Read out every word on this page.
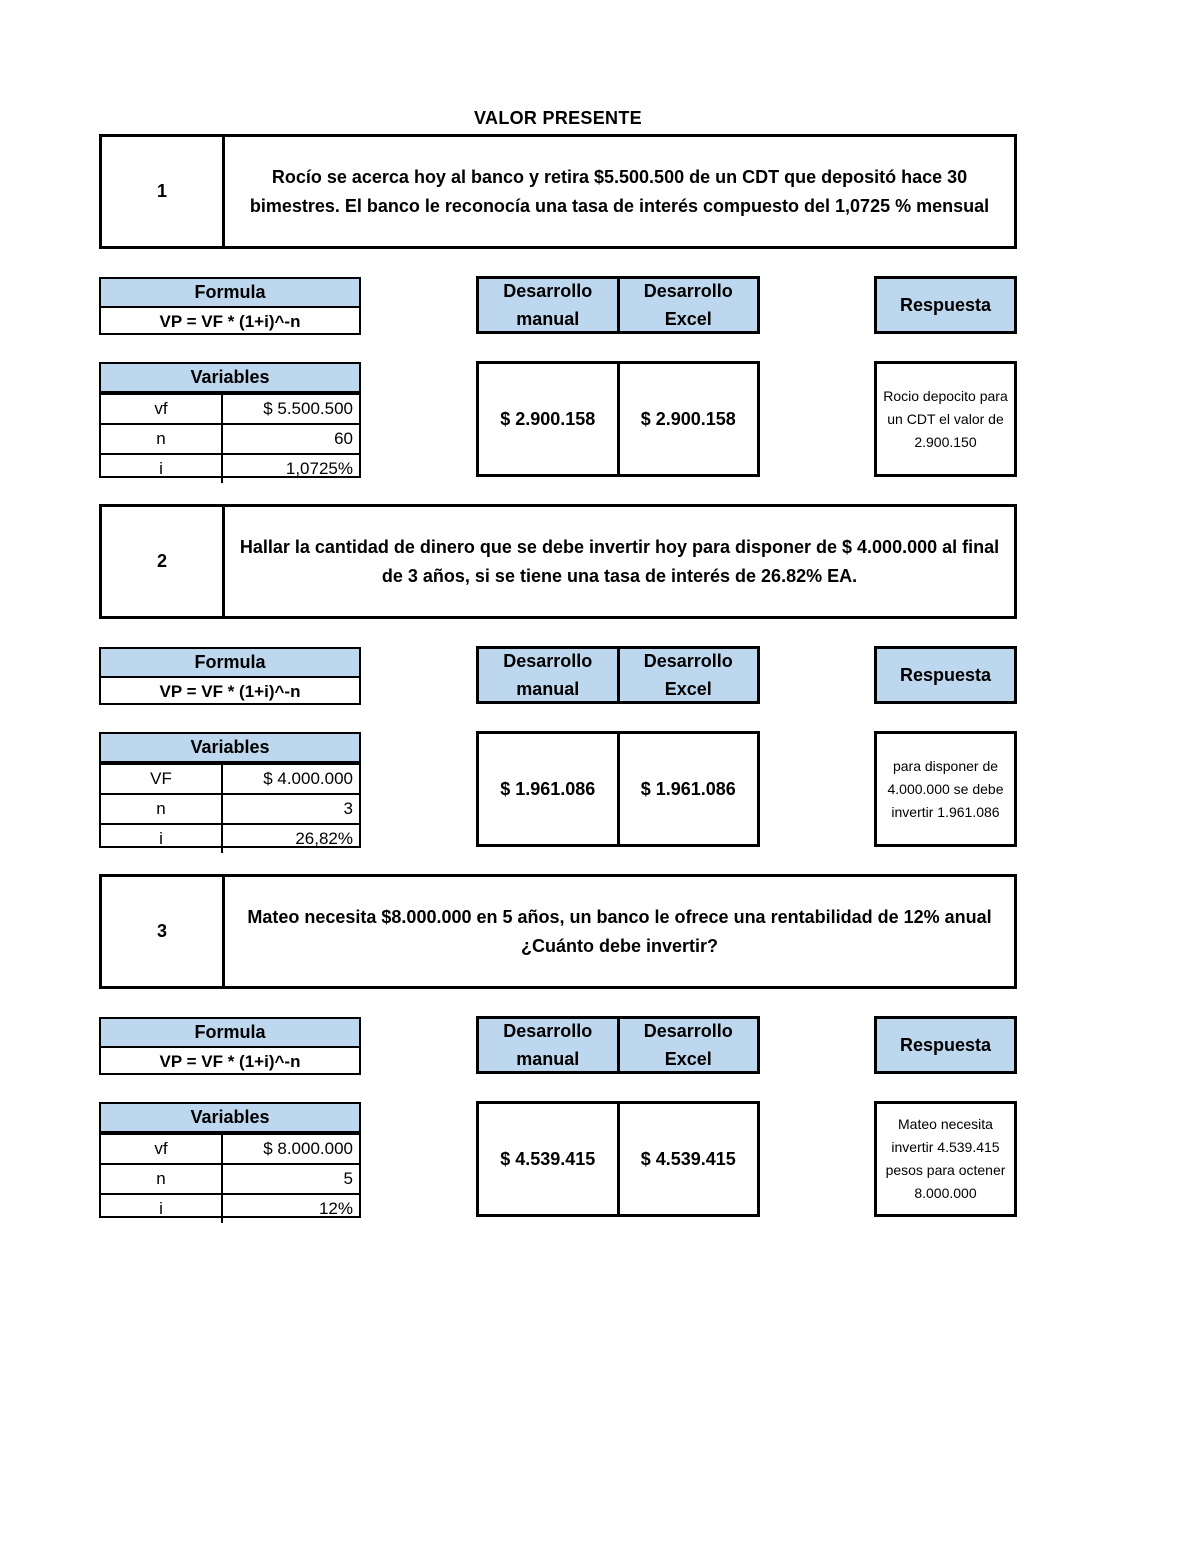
VALOR PRESENTE
1
Rocío se acerca hoy al banco y retira $5.500.500 de un CDT que depositó hace 30 bimestres. El banco le reconocía una tasa de interés compuesto del 1,0725 % mensual
Formula
VP = VF * (1+i)^-n
Desarrollo manual
Desarrollo Excel
Respuesta
Variables
vf	$ 5.500.500
n	60
i	1,0725%
$ 2.900.158	$ 2.900.158
Rocio depocito para un CDT el valor de 2.900.150
2
Hallar la cantidad de dinero que se debe invertir hoy para disponer de $ 4.000.000 al final de 3 años, si se tiene una tasa de interés de 26.82% EA.
Formula
VP = VF * (1+i)^-n
Desarrollo manual
Desarrollo Excel
Respuesta
Variables
VF	$ 4.000.000
n	3
i	26,82%
$ 1.961.086	$ 1.961.086
para disponer de 4.000.000 se debe invertir 1.961.086
3
Mateo necesita $8.000.000 en 5 años, un banco le ofrece una rentabilidad de 12% anual ¿Cuánto debe invertir?
Formula
VP = VF * (1+i)^-n
Desarrollo manual
Desarrollo Excel
Respuesta
Variables
vf	$ 8.000.000
n	5
i	12%
$ 4.539.415	$ 4.539.415
Mateo necesita invertir 4.539.415 pesos para octener 8.000.000
